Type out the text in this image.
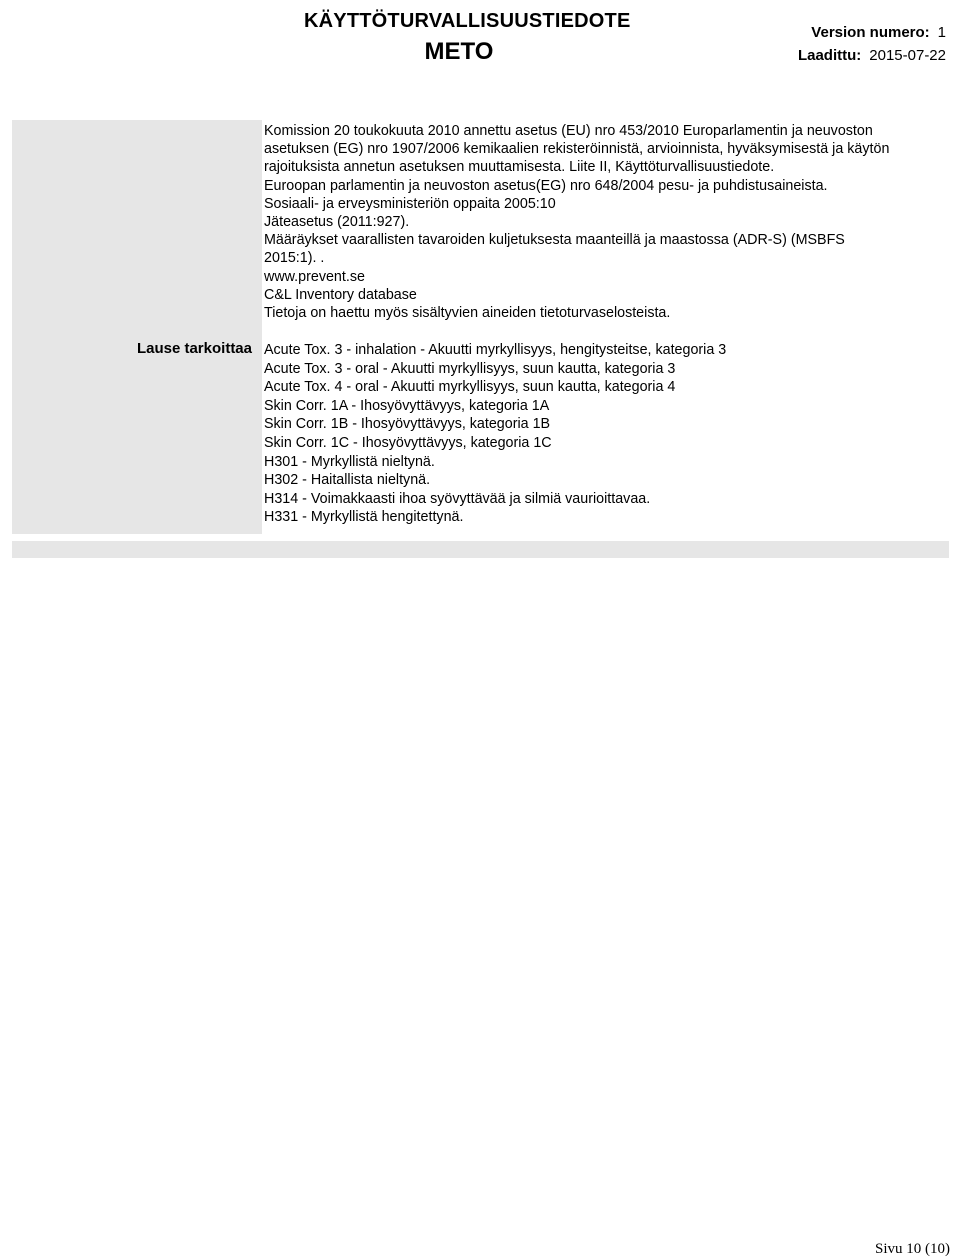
KÄYTTÖTURVALLISUUSTIEDOTE
METO
Version numero: 1
Laadittu: 2015-07-22
Komission 20 toukokuuta 2010 annettu asetus (EU) nro 453/2010 Europarlamentin ja neuvoston
asetuksen (EG) nro 1907/2006 kemikaalien rekisteröinnistä, arvioinnista, hyväksymisestä ja käytön
rajoituksista annetun asetuksen muuttamisesta. Liite II, Käyttöturvallisuustiedote.
Euroopan parlamentin ja neuvoston asetus(EG) nro 648/2004 pesu- ja puhdistusaineista.
Sosiaali- ja erveysministeriön oppaita 2005:10
Jäteasetus (2011:927).
Määräykset vaarallisten tavaroiden kuljetuksesta maanteillä ja maastossa (ADR-S) (MSBFS
2015:1). .
www.prevent.se
C&L Inventory database
Tietoja on haettu myös sisältyvien aineiden tietoturvaselosteista.
Lause tarkoittaa Acute Tox. 3 - inhalation - Akuutti myrkyllisyys, hengitysteitse, kategoria 3
Acute Tox. 3 - oral - Akuutti myrkyllisyys, suun kautta, kategoria 3
Acute Tox. 4 - oral - Akuutti myrkyllisyys, suun kautta, kategoria 4
Skin Corr. 1A - Ihosyövyttävyys, kategoria 1A
Skin Corr. 1B - Ihosyövyttävyys, kategoria 1B
Skin Corr. 1C - Ihosyövyttävyys, kategoria 1C
H301 - Myrkyllistä nieltynä.
H302 - Haitallista nieltynä.
H314 - Voimakkaasti ihoa syövyttävää ja silmiä vaurioittavaa.
H331 - Myrkyllistä hengitettynä.
Sivu 10 (10)
